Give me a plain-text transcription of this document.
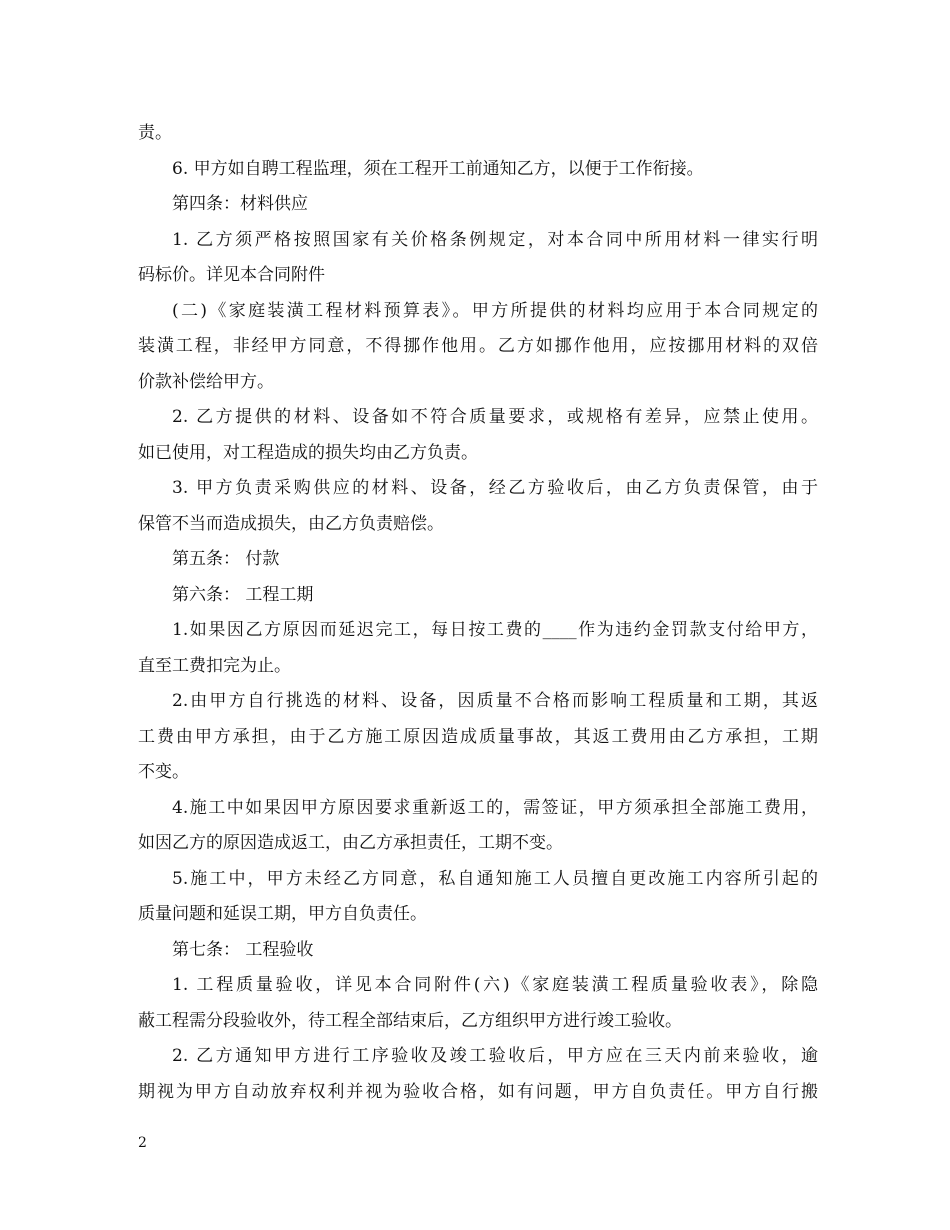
责。
6. 甲方如自聘工程监理，须在工程开工前通知乙方，以便于工作衔接。
第四条：材料供应
1. 乙方须严格按照国家有关价格条例规定，对本合同中所用材料一律实行明
码标价。详见本合同附件
(二)《家庭装潢工程材料预算表》。甲方所提供的材料均应用于本合同规定的
装潢工程，非经甲方同意，不得挪作他用。乙方如挪作他用，应按挪用材料的双倍
价款补偿给甲方。
2. 乙方提供的材料、设备如不符合质量要求，或规格有差异，应禁止使用。
如已使用，对工程造成的损失均由乙方负责。
3. 甲方负责采购供应的材料、设备，经乙方验收后，由乙方负责保管，由于
保管不当而造成损失，由乙方负责赔偿。
第五条： 付款
第六条： 工程工期
1.如果因乙方原因而延迟完工，每日按工费的____作为违约金罚款支付给甲方，
直至工费扣完为止。
2.由甲方自行挑选的材料、设备，因质量不合格而影响工程质量和工期，其返
工费由甲方承担，由于乙方施工原因造成质量事故，其返工费用由乙方承担，工期
不变。
4.施工中如果因甲方原因要求重新返工的，需签证，甲方须承担全部施工费用，
如因乙方的原因造成返工，由乙方承担责任，工期不变。
5.施工中，甲方未经乙方同意，私自通知施工人员擅自更改施工内容所引起的
质量问题和延误工期，甲方自负责任。
第七条： 工程验收
1. 工程质量验收，详见本合同附件(六)《家庭装潢工程质量验收表》，除隐
蔽工程需分段验收外，待工程全部结束后，乙方组织甲方进行竣工验收。
2. 乙方通知甲方进行工序验收及竣工验收后，甲方应在三天内前来验收，逾
期视为甲方自动放弃权利并视为验收合格，如有问题，甲方自负责任。甲方自行搬
2
